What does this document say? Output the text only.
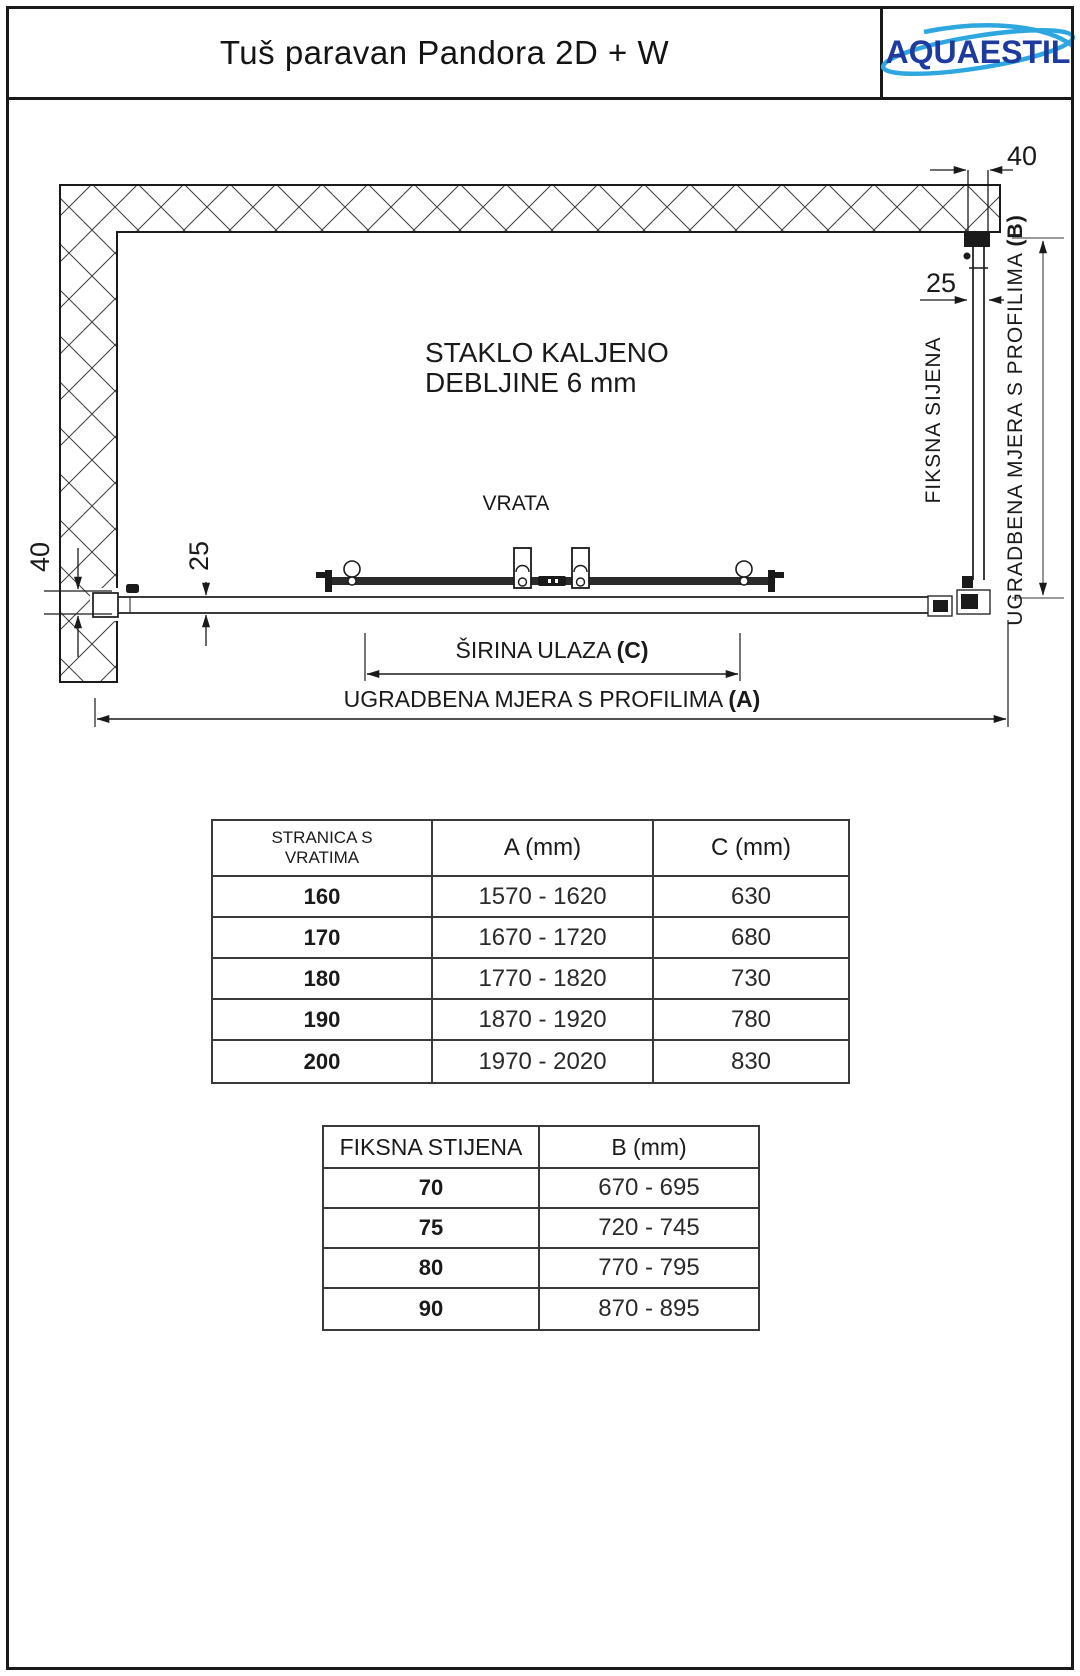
Tuš paravan Pandora 2D + W	AQUAESTIL
STAKLO KALJENO
DEBLJINE 6 mm
VRATA	FIKSNA SIJENA
40
25
40	25
ŠIRINA ULAZA (C)
UGRADBENA MJERA S PROFILIMA (A)
UGRADBENA MJERA S PROFILIMA (B)
STRANICA S
VRATIMA	A (mm)	C (mm)
160	1570 - 1620	630
170	1670 - 1720	680
180	1770 - 1820	730
190	1870 - 1920	780
200	1970 - 2020	830
FIKSNA STIJENA	B (mm)
70	670 - 695
75	720 - 745
80	770 - 795
90	870 - 895
